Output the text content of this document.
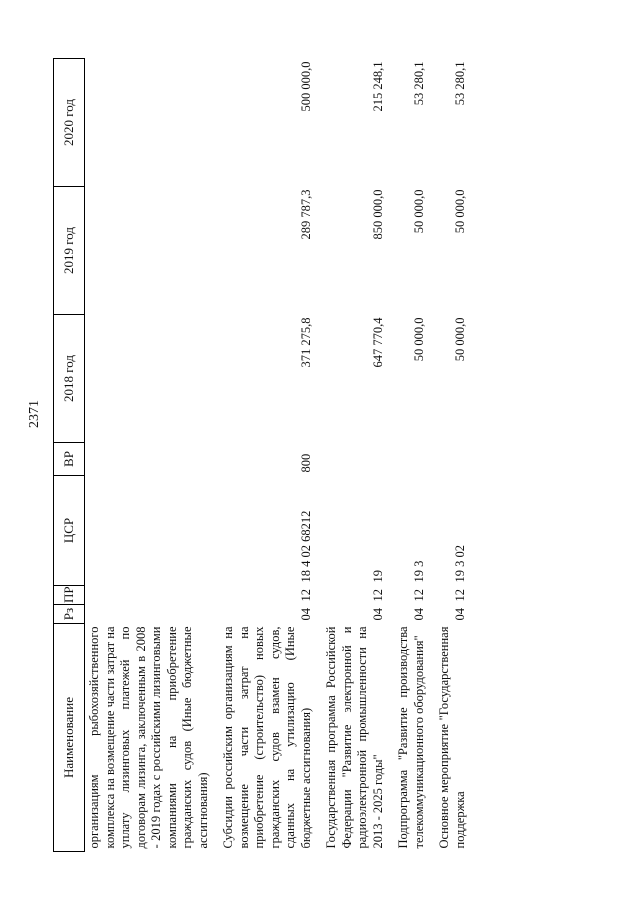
2371
Наименование	Рз	ПР	ЦСР	ВР	2018 год	2019 год	2020 год
организациям рыбохозяйственного комплекса на возмещение части затрат на уплату лизинговых платежей по договорам лизинга, заключенным в 2008 - 2019 годах с российскими лизинговыми компаниями на приобретение гражданских судов (Иные бюджетные ассигнования)							

Субсидии российским организациям на возмещение части затрат на приобретение (строительство) новых гражданских судов взамен судов, сданных на утилизацию (Иные бюджетные ассигнования)	04	12	18 4 02 68212	800	371 275,8	289 787,3	500 000,0

Государственная программа Российской Федерации "Развитие электронной и радиоэлектронной промышленности на 2013 - 2025 годы"	04	12	19		647 770,4	850 000,0	215 248,1

Подпрограмма "Развитие производства телекоммуникационного оборудования"	04	12	19 3		50 000,0	50 000,0	53 280,1

Основное мероприятие "Государственная поддержка	04	12	19 3 02		50 000,0	50 000,0	53 280,1
